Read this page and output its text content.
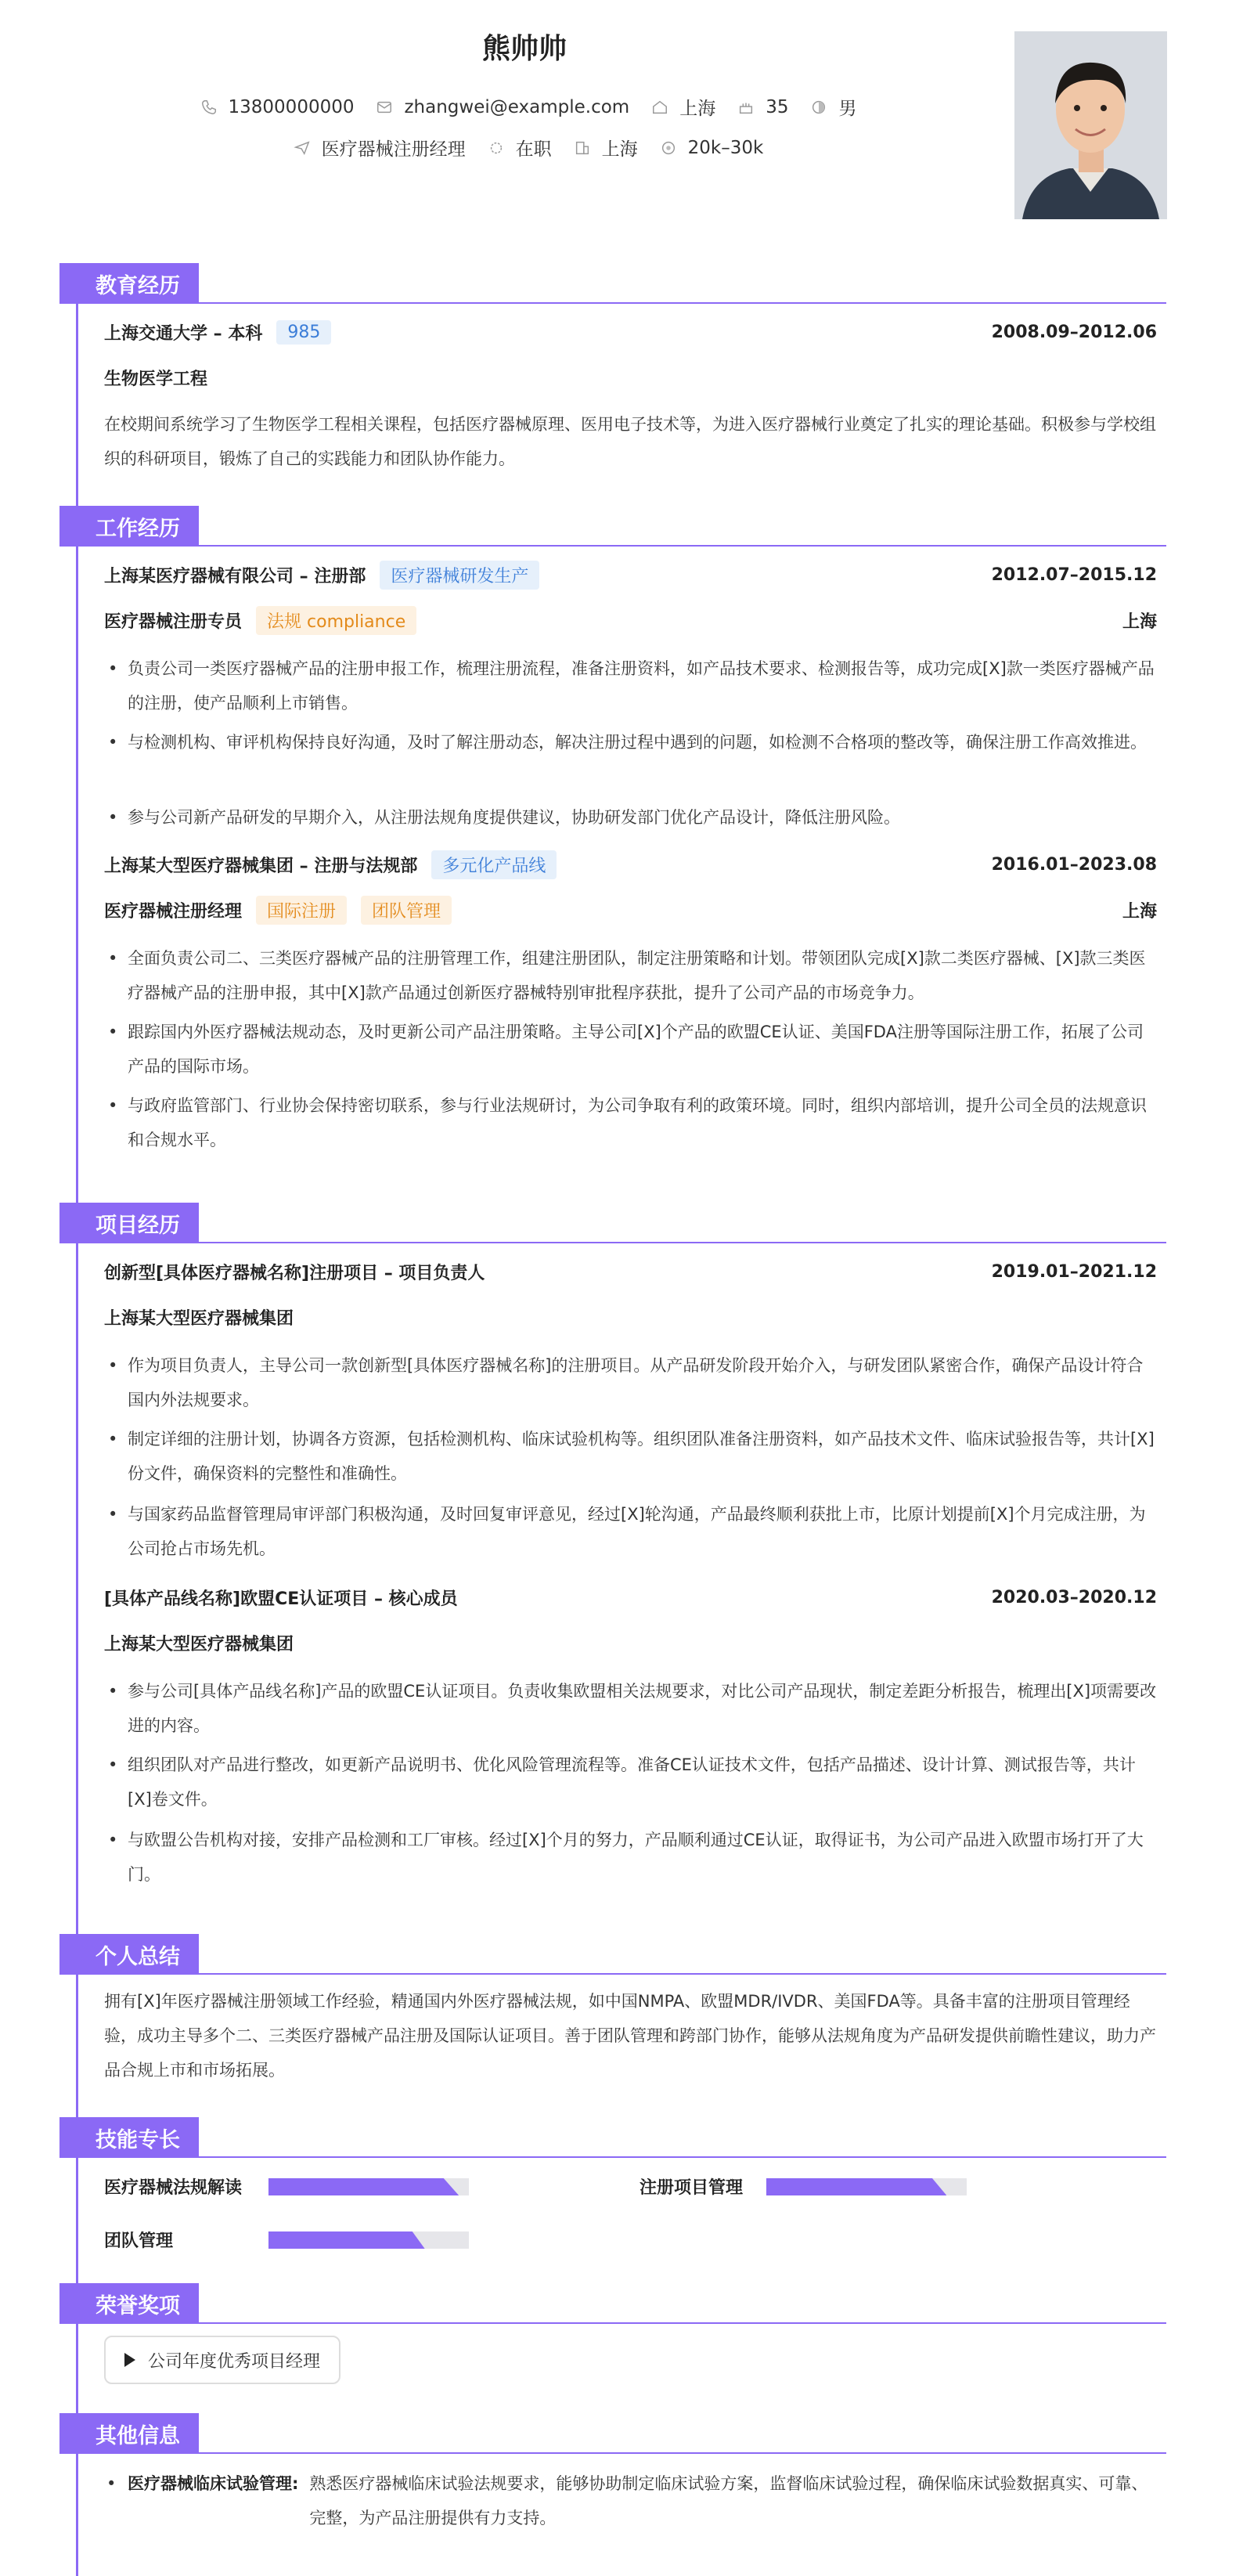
熊帅帅
13800000000	zhangwei@example.com	上海	35	男
医疗器械注册经理	在职	上海	20k–30k
教育经历
上海交通大学 – 本科	985	2008.09–2012.06
生物医学工程
在校期间系统学习了生物医学工程相关课程，包括医疗器械原理、医用电子技术等，为进入医疗器械行业奠定了扎实的理论基础。积极参与学校组织的科研项目，锻炼了自己的实践能力和团队协作能力。
工作经历
上海某医疗器械有限公司 – 注册部	医疗器械研发生产	2012.07–2015.12
医疗器械注册专员	法规 compliance	上海
• 负责公司一类医疗器械产品的注册申报工作，梳理注册流程，准备注册资料，如产品技术要求、检测报告等，成功完成[X]款一类医疗器械产品的注册，使产品顺利上市销售。
• 与检测机构、审评机构保持良好沟通，及时了解注册动态，解决注册过程中遇到的问题，如检测不合格项的整改等，确保注册工作高效推进。
• 参与公司新产品研发的早期介入，从注册法规角度提供建议，协助研发部门优化产品设计，降低注册风险。
上海某大型医疗器械集团 – 注册与法规部	多元化产品线	2016.01–2023.08
医疗器械注册经理	国际注册	团队管理	上海
• 全面负责公司二、三类医疗器械产品的注册管理工作，组建注册团队，制定注册策略和计划。带领团队完成[X]款二类医疗器械、[X]款三类医疗器械产品的注册申报，其中[X]款产品通过创新医疗器械特别审批程序获批，提升了公司产品的市场竞争力。
• 跟踪国内外医疗器械法规动态，及时更新公司产品注册策略。主导公司[X]个产品的欧盟CE认证、美国FDA注册等国际注册工作，拓展了公司产品的国际市场。
• 与政府监管部门、行业协会保持密切联系，参与行业法规研讨，为公司争取有利的政策环境。同时，组织内部培训，提升公司全员的法规意识和合规水平。
项目经历
创新型[具体医疗器械名称]注册项目 – 项目负责人	2019.01–2021.12
上海某大型医疗器械集团
• 作为项目负责人，主导公司一款创新型[具体医疗器械名称]的注册项目。从产品研发阶段开始介入，与研发团队紧密合作，确保产品设计符合国内外法规要求。
• 制定详细的注册计划，协调各方资源，包括检测机构、临床试验机构等。组织团队准备注册资料，如产品技术文件、临床试验报告等，共计[X]份文件，确保资料的完整性和准确性。
• 与国家药品监督管理局审评部门积极沟通，及时回复审评意见，经过[X]轮沟通，产品最终顺利获批上市，比原计划提前[X]个月完成注册，为公司抢占市场先机。
[具体产品线名称]欧盟CE认证项目 – 核心成员	2020.03–2020.12
上海某大型医疗器械集团
• 参与公司[具体产品线名称]产品的欧盟CE认证项目。负责收集欧盟相关法规要求，对比公司产品现状，制定差距分析报告，梳理出[X]项需要改进的内容。
• 组织团队对产品进行整改，如更新产品说明书、优化风险管理流程等。准备CE认证技术文件，包括产品描述、设计计算、测试报告等，共计[X]卷文件。
• 与欧盟公告机构对接，安排产品检测和工厂审核。经过[X]个月的努力，产品顺利通过CE认证，取得证书，为公司产品进入欧盟市场打开了大门。
个人总结
拥有[X]年医疗器械注册领域工作经验，精通国内外医疗器械法规，如中国NMPA、欧盟MDR/IVDR、美国FDA等。具备丰富的注册项目管理经验，成功主导多个二、三类医疗器械产品注册及国际认证项目。善于团队管理和跨部门协作，能够从法规角度为产品研发提供前瞻性建议，助力产品合规上市和市场拓展。
技能专长
医疗器械法规解读	注册项目管理
团队管理
荣誉奖项
公司年度优秀项目经理
其他信息
• 医疗器械临床试验管理: 熟悉医疗器械临床试验法规要求，能够协助制定临床试验方案，监督临床试验过程，确保临床试验数据真实、可靠、完整，为产品注册提供有力支持。
